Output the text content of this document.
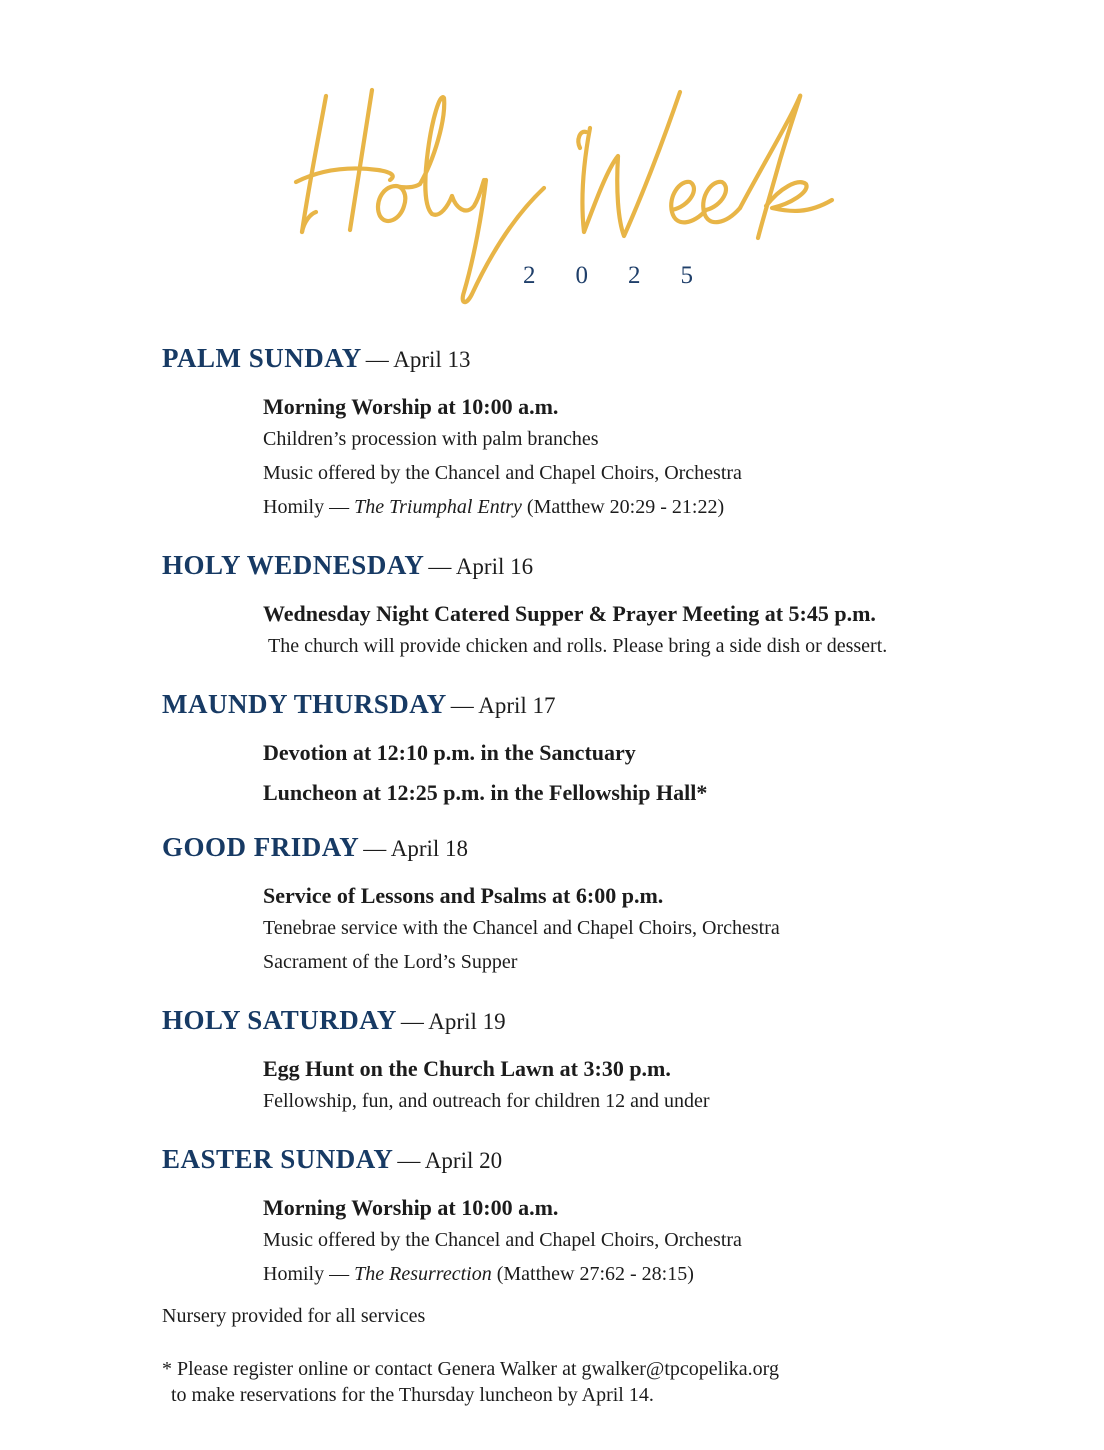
2025
PALM SUNDAY — April 13
Morning Worship at 10:00 a.m.
Children’s procession with palm branches
Music offered by the Chancel and Chapel Choirs, Orchestra
Homily — The Triumphal Entry (Matthew 20:29 - 21:22)
HOLY WEDNESDAY — April 16
Wednesday Night Catered Supper & Prayer Meeting at 5:45 p.m.
The church will provide chicken and rolls. Please bring a side dish or dessert.
MAUNDY THURSDAY — April 17
Devotion at 12:10 p.m. in the Sanctuary
Luncheon at 12:25 p.m. in the Fellowship Hall*
GOOD FRIDAY — April 18
Service of Lessons and Psalms at 6:00 p.m.
Tenebrae service with the Chancel and Chapel Choirs, Orchestra
Sacrament of the Lord’s Supper
HOLY SATURDAY — April 19
Egg Hunt on the Church Lawn at 3:30 p.m.
Fellowship, fun, and outreach for children 12 and under
EASTER SUNDAY — April 20
Morning Worship at 10:00 a.m.
Music offered by the Chancel and Chapel Choirs, Orchestra
Homily — The Resurrection (Matthew 27:62 - 28:15)
Nursery provided for all services
* Please register online or contact Genera Walker at gwalker@tpcopelika.org
to make reservations for the Thursday luncheon by April 14.
